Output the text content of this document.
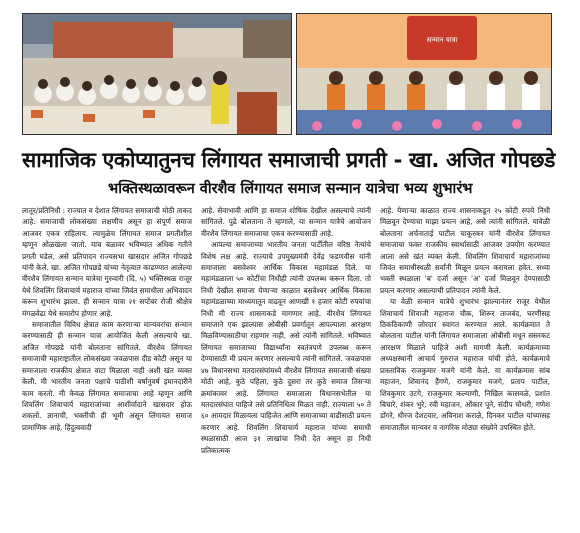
सन्मान यात्रा
सामाजिक एकोप्यातुनच लिंगायत समाजाची प्रगती - खा. अजित गोपछडे
भक्तिस्थळावरून वीरशैव लिंगायत समाज सन्मान यात्रेचा भव्य शुभारंभ

लातूर/प्रतिनिधी : राज्यात व देशात लिंगायत समाजाची मोठी ताकद आहे. समाजाची लोकसंख्या लक्षणीय असून हा संपूर्ण समाज आजवर एकत्र राहिलाय. त्यामुळेच लिंगायत समाज प्रगतीशील म्हणून ओळखला जातो. याच बळावर भविष्यात अधिक गतीने प्रगती घडेल, असे प्रतिपादन राज्यसभा खासदार अजित गोपछडे यांनी केले. खा. अजित गोपछडे यांच्या नेतृत्वात काढण्यात आलेल्या वीरशैव लिंगायत सन्मान यात्रेचा गुरुवारी (दि. ५) भक्तिस्थळ राजूर येथे शिवलिंग शिवाचार्य महाराज यांच्या जिवंत समाधीला अभिवादन करून शुभारंभ झाला. ही सन्मान यात्रा २१ सप्टेंबर रोजी श्रीक्षेत्र मंगळवेढा येथे समारोप होणार आहे.

समाजातील विविध क्षेत्रात काम करणाऱ्या मान्यवरांचा सन्मान करण्यासाठी ही सन्मान यात्रा आयोजित केली असल्याचे खा. अजित गोपछडे यांनी बोलताना सांगितले. वीरशैव लिंगायत समाजाची महाराष्ट्रातील लोकसंख्या जवळपास दीड कोटी असून या समाजाला राजकीय क्षेत्रात वाटा मिळाला नाही अशी खंत व्यक्त केली. मी भारतीय जनता पक्षाचे पाठीशी वर्षानुवर्ष इमानदारीने काम करतो. मी केवळ लिंगायत समाजाचा आहे म्हणून आणि शिवलिंग शिवाचार्य महाराजांच्या आशीर्वादाने खासदार होऊ शकलो. ज्ञानाची, भक्तीची ही भूमी असून लिंगायत समाज प्रामाणिक आहे, हिंदुत्ववादी

आहे. सेवाभावी आणि हा समाज शोषिक देखील असल्याचे त्यांनी सांगितले. पुढे बोलताना ते म्हणाले, या सन्मान यात्रेचे आयोजन वीरशैव लिंगायत समाजाचा एकत्र करण्यासाठी आहे.

आपल्या समाजाच्या भारतीय जनता पार्टीतील वरिष्ठ नेत्यांचे विशेष लक्ष आहे. राज्याचे उपमुख्यमंत्री देवेंद्र फडणवीस यांनी समाजाला बसवेश्वर आर्थिक विकास महामंडळ दिले. या महामंडळाला ५० कोटींचा निधीही त्यांनी उपलब्ध करून दिला. तो निधी देखील समाजा येणाऱ्या काळात बसवेश्वर आर्थिक विकास महामंडळाच्या माध्यमातून वाढवून आणखी १ हजार कोटी रुपयांचा निधी मी राज्य शासनाकडे मागणार आहे. वीरशैव लिंगायत समाजाने एक झाल्यास ओबीसी प्रवर्गातून आपल्याला आरक्षण मिळविण्यासाठीचा राहणार नाही, असे त्यांनी सांगितले. भविष्यात लिंगायत समाजाच्या विद्यार्थ्यांना स्वतंत्रपणे उपलब्ध करून देण्यासाठी मी प्रयत्न करणार असल्याचे त्यांनी सांगितले. जवळपास ४७ विधानसभा मतदारसंघांमध्ये वीरशैव लिंगायत समाजाची संख्या मोठी आहे, कुठे पहिला, कुठे दुसरा तर कुठे समाज तिसऱ्या क्रमांकावर आहे. लिंगायत समाजाला विधानसभेतील या मतदारसंघात पाहिजे तसे प्रतिनिधित्व मिळत नाही. राज्याला ५० ते ६० आमदार मिळायला पाहिजेत आणि समाजाच्या वाढीसाठी प्रयत्न करणार आहे. शिवलिंग शिवाचार्य महाराज यांच्या समाधी स्थळासाठी आज ३१ लाखांचा निधी देत असून हा निधी प्रतिकात्मक

आहे. येणाऱ्या काळात राज्य शासनाकडून २५ कोटी रुपये निधी मिळवून देण्याचा माझा प्रयत्न आहे, असे त्यांनी सांगितले. यावेळी बोलताना अर्चनाताई पाटील चाकूरकर यांनी वीरशैव लिंगायत समाजाचा फक्त राजकीय स्वार्थासाठी आजवर उपयोग करण्यात आला असे खंत व्यक्त केली. शिवलिंग शिवाचार्य महाराजांच्या जिवंत समाधीस्थळी सर्वांनी मिळून प्रयत्न करायला हवेत. सध्या भक्ती स्थळाला 'ब' दर्जा असून 'अ' दर्जा मिळवून देण्यासाठी प्रयत्न करणार असल्याची प्रतिपादन त्यांनी केले.

या वेळी सन्मान यात्रेचे शुभारंभ झाल्यानंतर राजूर येथील शिवाचार्य शिवाजी महाराज चौक, शिरूर ताजबंद, घरणीसह ठिकठिकाणी जोरदार स्वागत करण्यात आले. कार्यक्रमात ते बोलताना पाटील यांनी लिंगायत समाजाला ओबीसी मधून ससरकट आरक्षण मिळाले पाहिजे अशी मागणी केली. कार्यक्रमाच्या अध्यक्षस्थानी आचार्य गुरुराज महाराज यांची होते. कार्यक्रमाचे प्रास्ताविक राजकुमार मजगे यांनी केले. या कार्यक्रमास सांब महाजन, शिवानंद हैंगणे, राजकुमार मजगे, प्रताप पाटील, शिवकुमार उटगे, राजकुमार कल्याणी, निखिल कासवळे, प्रशांत बिचारे, शंकर भुरे, रवी महाजन, ओंकार पूने, संदीप चौधरी, गणेश डोंगरे, धीरज देशटवार, अविनाश कराळे, दिनकर पाटील यांच्यासह समाजातील मान्यवर व नागरिक मोठ्या संख्येने उपस्थित होते.
